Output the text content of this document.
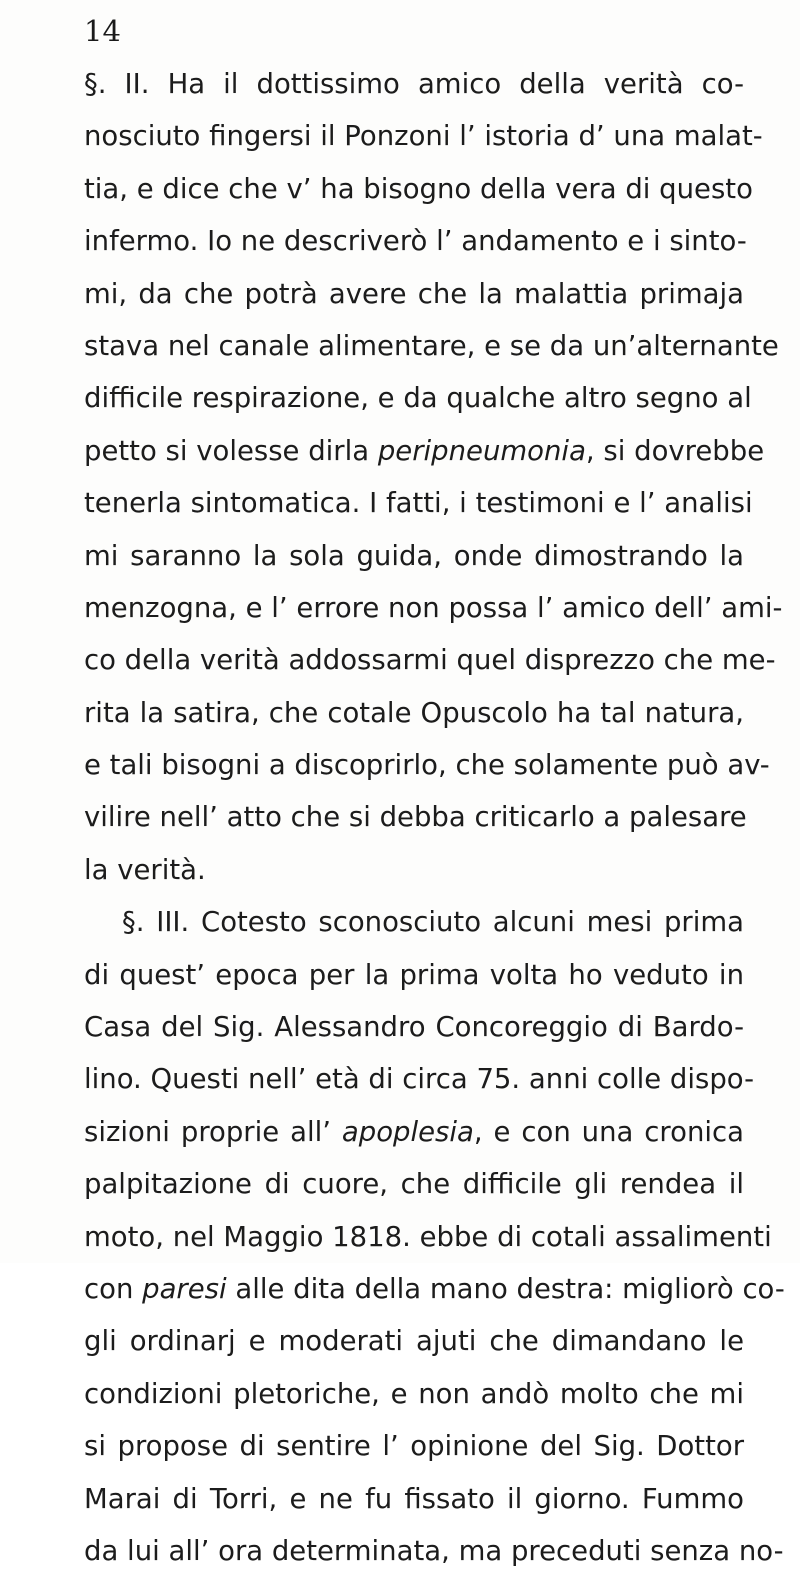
14
§. II. Ha il dottissimo amico della verità co-
nosciuto fingersi il Ponzoni l’ istoria d’ una malat-
tia, e dice che v’ ha bisogno della vera di questo
infermo. Io ne descriverò l’ andamento e i sinto-
mi, da che potrà avere che la malattia primaja
stava nel canale alimentare, e se da un’alternante
difficile respirazione, e da qualche altro segno al
petto si volesse dirla peripneumonia, si dovrebbe
tenerla sintomatica. I fatti, i testimoni e l’ analisi
mi saranno la sola guida, onde dimostrando la
menzogna, e l’ errore non possa l’ amico dell’ ami-
co della verità addossarmi quel disprezzo che me-
rita la satira, che cotale Opuscolo ha tal natura,
e tali bisogni a discoprirlo, che solamente può av-
vilire nell’ atto che si debba criticarlo a palesare
la verità.
§. III. Cotesto sconosciuto alcuni mesi prima
di quest’ epoca per la prima volta ho veduto in
Casa del Sig. Alessandro Concoreggio di Bardo-
lino. Questi nell’ età di circa 75. anni colle dispo-
sizioni proprie all’ apoplesia, e con una cronica
palpitazione di cuore, che difficile gli rendea il
moto, nel Maggio 1818. ebbe di cotali assalimenti
con paresi alle dita della mano destra: migliorò co-
gli ordinarj e moderati ajuti che dimandano le
condizioni pletoriche, e non andò molto che mi
si propose di sentire l’ opinione del Sig. Dottor
Marai di Torri, e ne fu fissato il giorno. Fummo
da lui all’ ora determinata, ma preceduti senza no-
